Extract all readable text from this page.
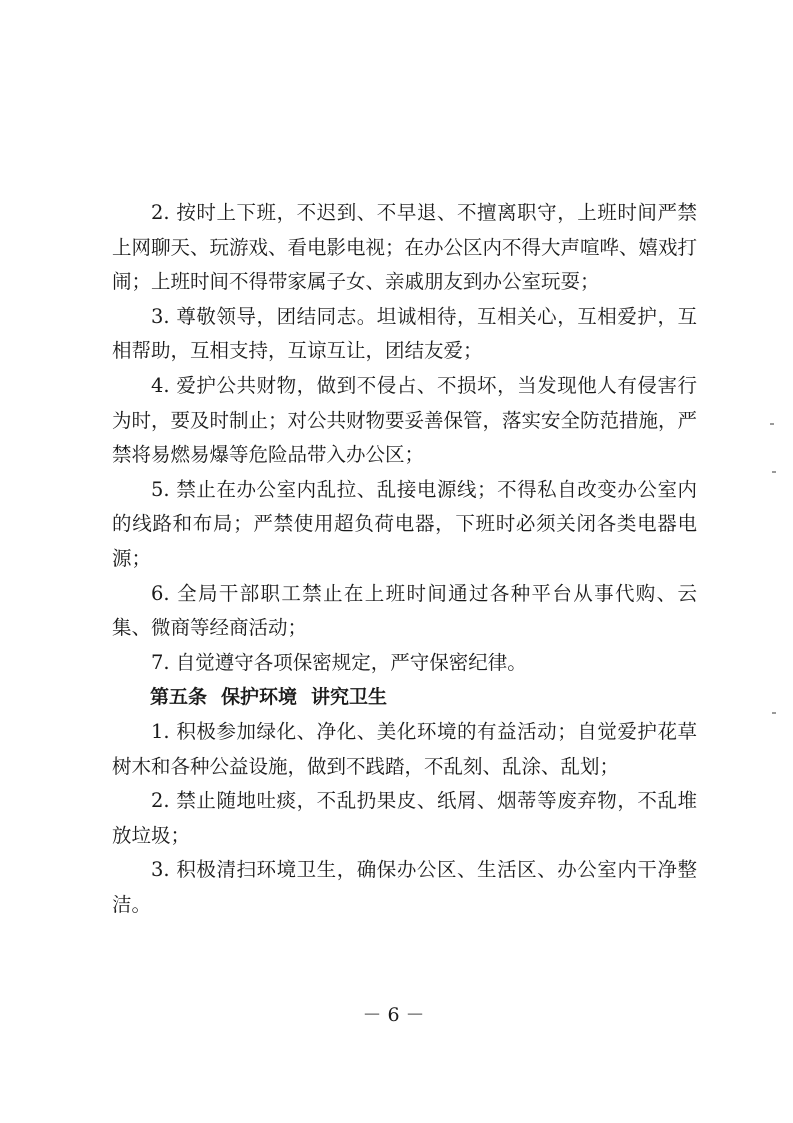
2. 按时上下班，不迟到、不早退、不擅离职守，上班时间严禁上网聊天、玩游戏、看电影电视；在办公区内不得大声喧哗、嬉戏打闹；上班时间不得带家属子女、亲戚朋友到办公室玩耍；

3. 尊敬领导，团结同志。坦诚相待，互相关心，互相爱护，互相帮助，互相支持，互谅互让，团结友爱；

4. 爱护公共财物，做到不侵占、不损坏，当发现他人有侵害行为时，要及时制止；对公共财物要妥善保管，落实安全防范措施，严禁将易燃易爆等危险品带入办公区；

5. 禁止在办公室内乱拉、乱接电源线；不得私自改变办公室内的线路和布局；严禁使用超负荷电器，下班时必须关闭各类电器电源；

6. 全局干部职工禁止在上班时间通过各种平台从事代购、云集、微商等经商活动；

7. 自觉遵守各项保密规定，严守保密纪律。

第五条 保护环境 讲究卫生

1. 积极参加绿化、净化、美化环境的有益活动；自觉爱护花草树木和各种公益设施，做到不践踏，不乱刻、乱涂、乱划；

2. 禁止随地吐痰，不乱扔果皮、纸屑、烟蒂等废弃物，不乱堆放垃圾；

3. 积极清扫环境卫生，确保办公区、生活区、办公室内干净整洁。

－6－
